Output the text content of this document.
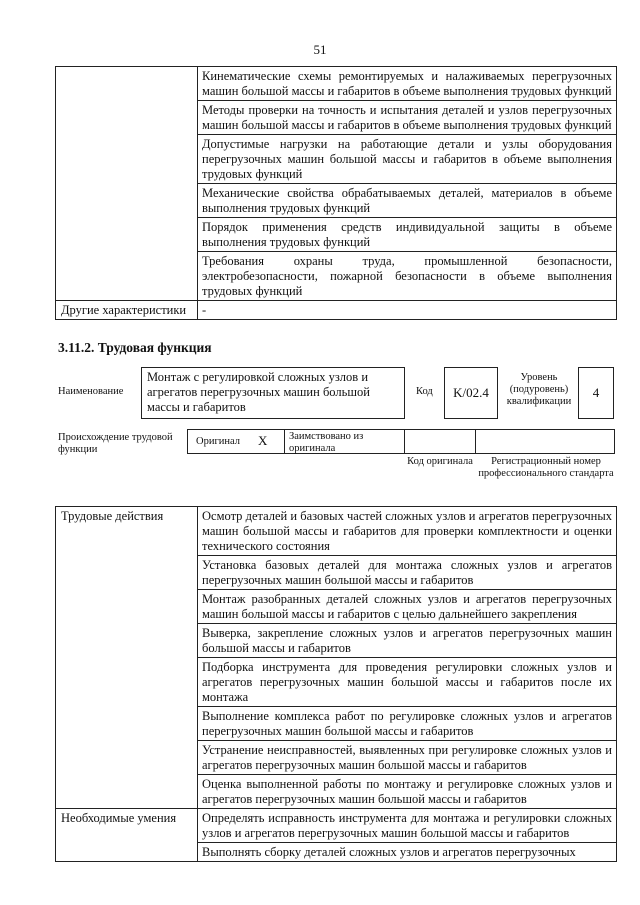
51
	Кинематические схемы ремонтируемых и налаживаемых перегрузочных машин большой массы и габаритов в объеме выполнения трудовых функций
	Методы проверки на точность и испытания деталей и узлов перегрузочных машин большой массы и габаритов в объеме выполнения трудовых функций
	Допустимые нагрузки на работающие детали и узлы оборудования перегрузочных машин большой массы и габаритов в объеме выполнения трудовых функций
	Механические свойства обрабатываемых деталей, материалов в объеме выполнения трудовых функций
	Порядок применения средств индивидуальной защиты в объеме выполнения трудовых функций
	Требования охраны труда, промышленной безопасности, электробезопасности, пожарной безопасности в объеме выполнения трудовых функций
Другие характеристики	-
3.11.2. Трудовая функция
Наименование
Монтаж с регулировкой сложных узлов и агрегатов перегрузочных машин большой массы и габаритов
Код	K/02.4
Уровень (подуровень) квалификации
4
Происхождение трудовой функции
Оригинал X	Заимствовано из оригинала
Код оригинала	Регистрационный номер профессионального стандарта
Трудовые действия	Осмотр деталей и базовых частей сложных узлов и агрегатов перегрузочных машин большой массы и габаритов для проверки комплектности и оценки технического состояния
	Установка базовых деталей для монтажа сложных узлов и агрегатов перегрузочных машин большой массы и габаритов
	Монтаж разобранных деталей сложных узлов и агрегатов перегрузочных машин большой массы и габаритов с целью дальнейшего закрепления
	Выверка, закрепление сложных узлов и агрегатов перегрузочных машин большой массы и габаритов
	Подборка инструмента для проведения регулировки сложных узлов и агрегатов перегрузочных машин большой массы и габаритов после их монтажа
	Выполнение комплекса работ по регулировке сложных узлов и агрегатов перегрузочных машин большой массы и габаритов
	Устранение неисправностей, выявленных при регулировке сложных узлов и агрегатов перегрузочных машин большой массы и габаритов
	Оценка выполненной работы по монтажу и регулировке сложных узлов и агрегатов перегрузочных машин большой массы и габаритов
Необходимые умения	Определять исправность инструмента для монтажа и регулировки сложных узлов и агрегатов перегрузочных машин большой массы и габаритов
	Выполнять сборку деталей сложных узлов и агрегатов перегрузочных
